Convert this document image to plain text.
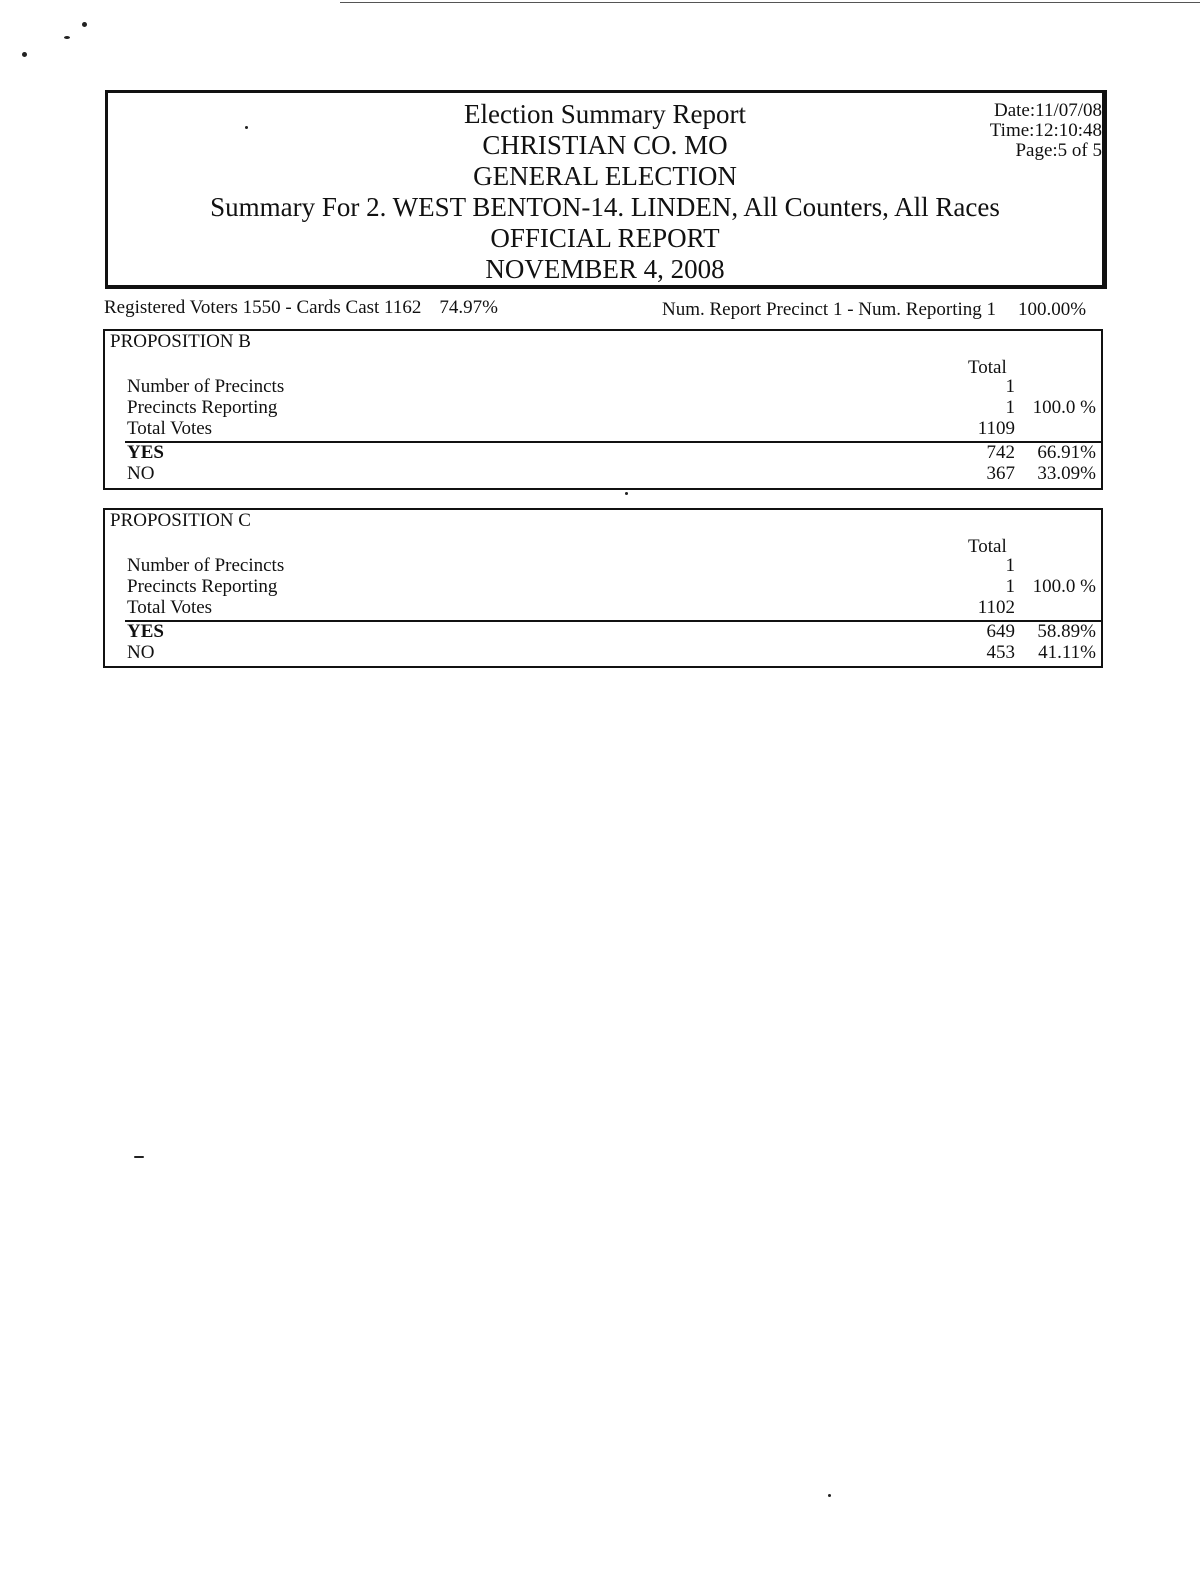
Election Summary Report
CHRISTIAN CO. MO
GENERAL ELECTION
Summary For 2. WEST BENTON-14. LINDEN, All Counters, All Races
OFFICIAL REPORT
NOVEMBER 4, 2008
Date:11/07/08
Time:12:10:48
Page:5 of 5
Registered Voters 1550 - Cards Cast 1162 74.97%	Num. Report Precinct 1 - Num. Reporting 1 100.00%
PROPOSITION B
Total
Number of Precincts	1
Precincts Reporting	1 100.0 %
Total Votes	1109
YES	742 66.91%
NO	367 33.09%
PROPOSITION C
Total
Number of Precincts	1
Precincts Reporting	1 100.0 %
Total Votes	1102
YES	649 58.89%
NO	453 41.11%
